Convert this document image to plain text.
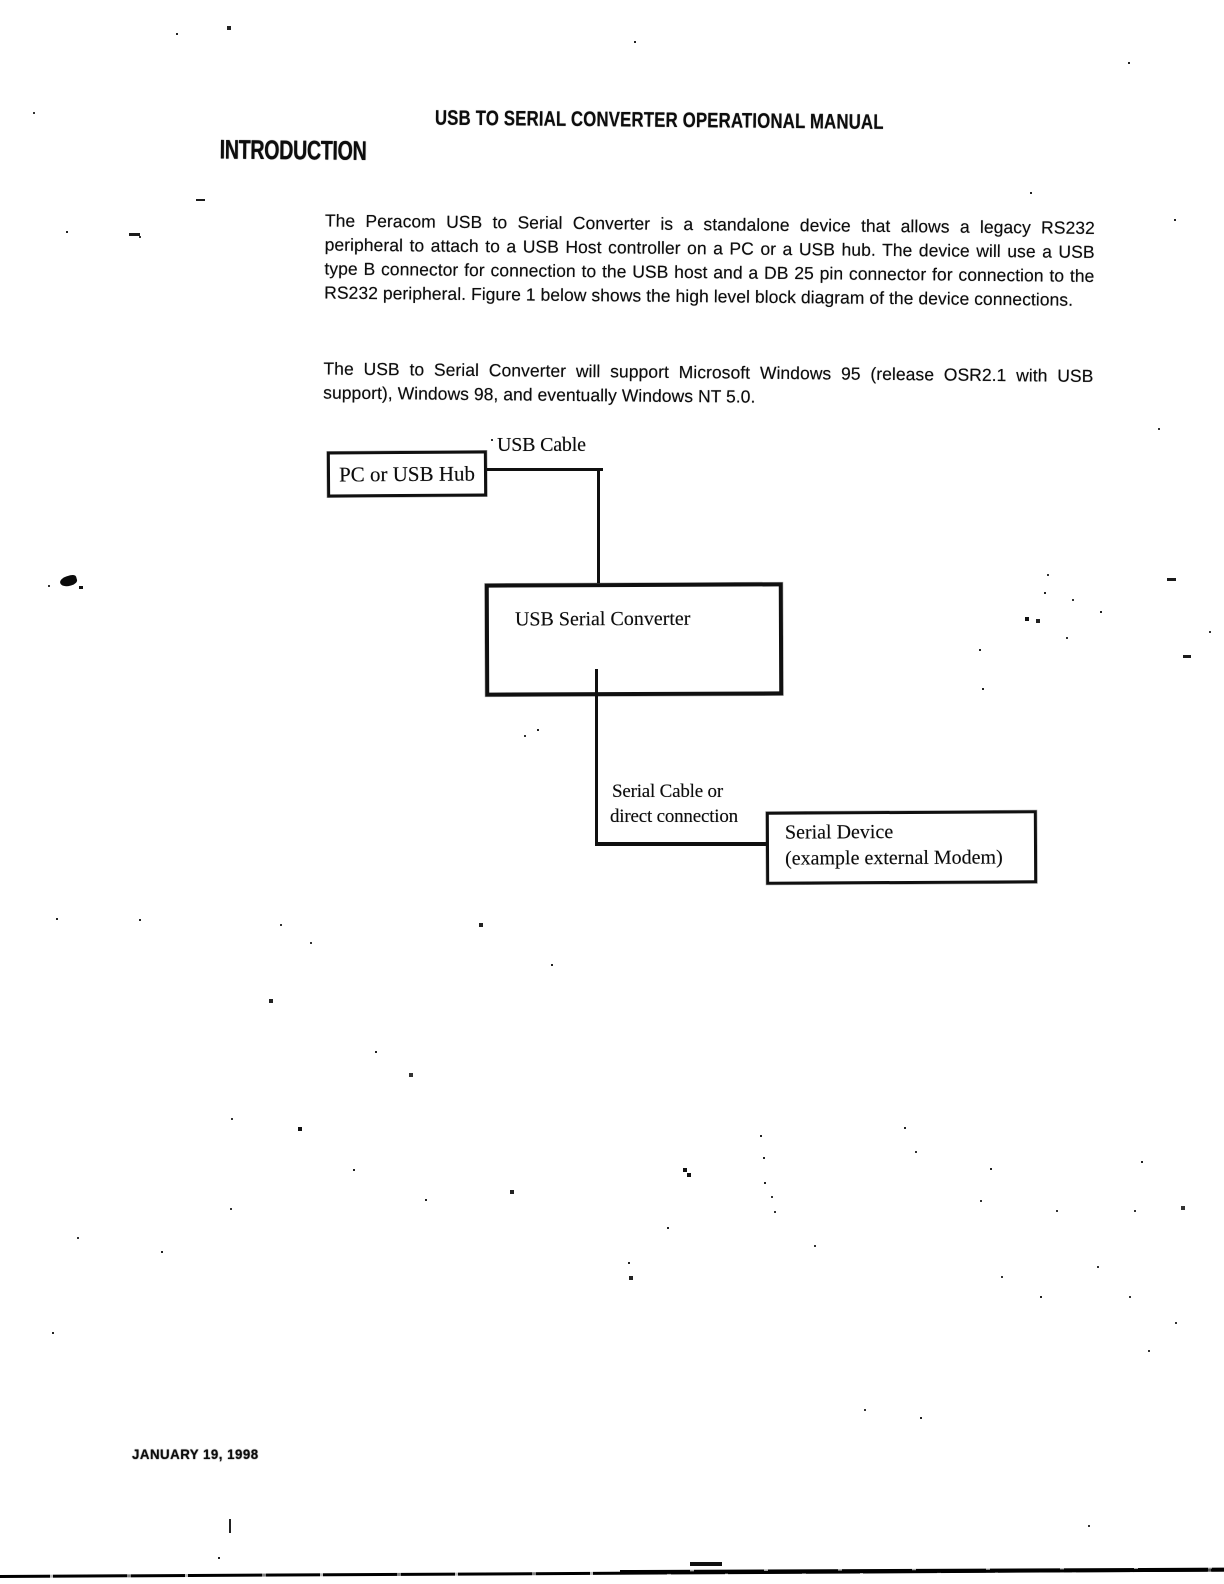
USB TO SERIAL CONVERTER OPERATIONAL MANUAL
INTRODUCTION

The Peracom USB to Serial Converter is a standalone device that allows a legacy RS232 peripheral to attach to a USB Host controller on a PC or a USB hub. The device will use a USB type B connector for connection to the USB host and a DB 25 pin connector for connection to the RS232 peripheral. Figure 1 below shows the high level block diagram of the device connections.

The USB to Serial Converter will support Microsoft Windows 95 (release OSR2.1 with USB support), Windows 98, and eventually Windows NT 5.0.

USB Cable
PC or USB Hub
USB Serial Converter
Serial Cable or
direct connection
Serial Device
(example external Modem)
JANUARY 19, 1998
